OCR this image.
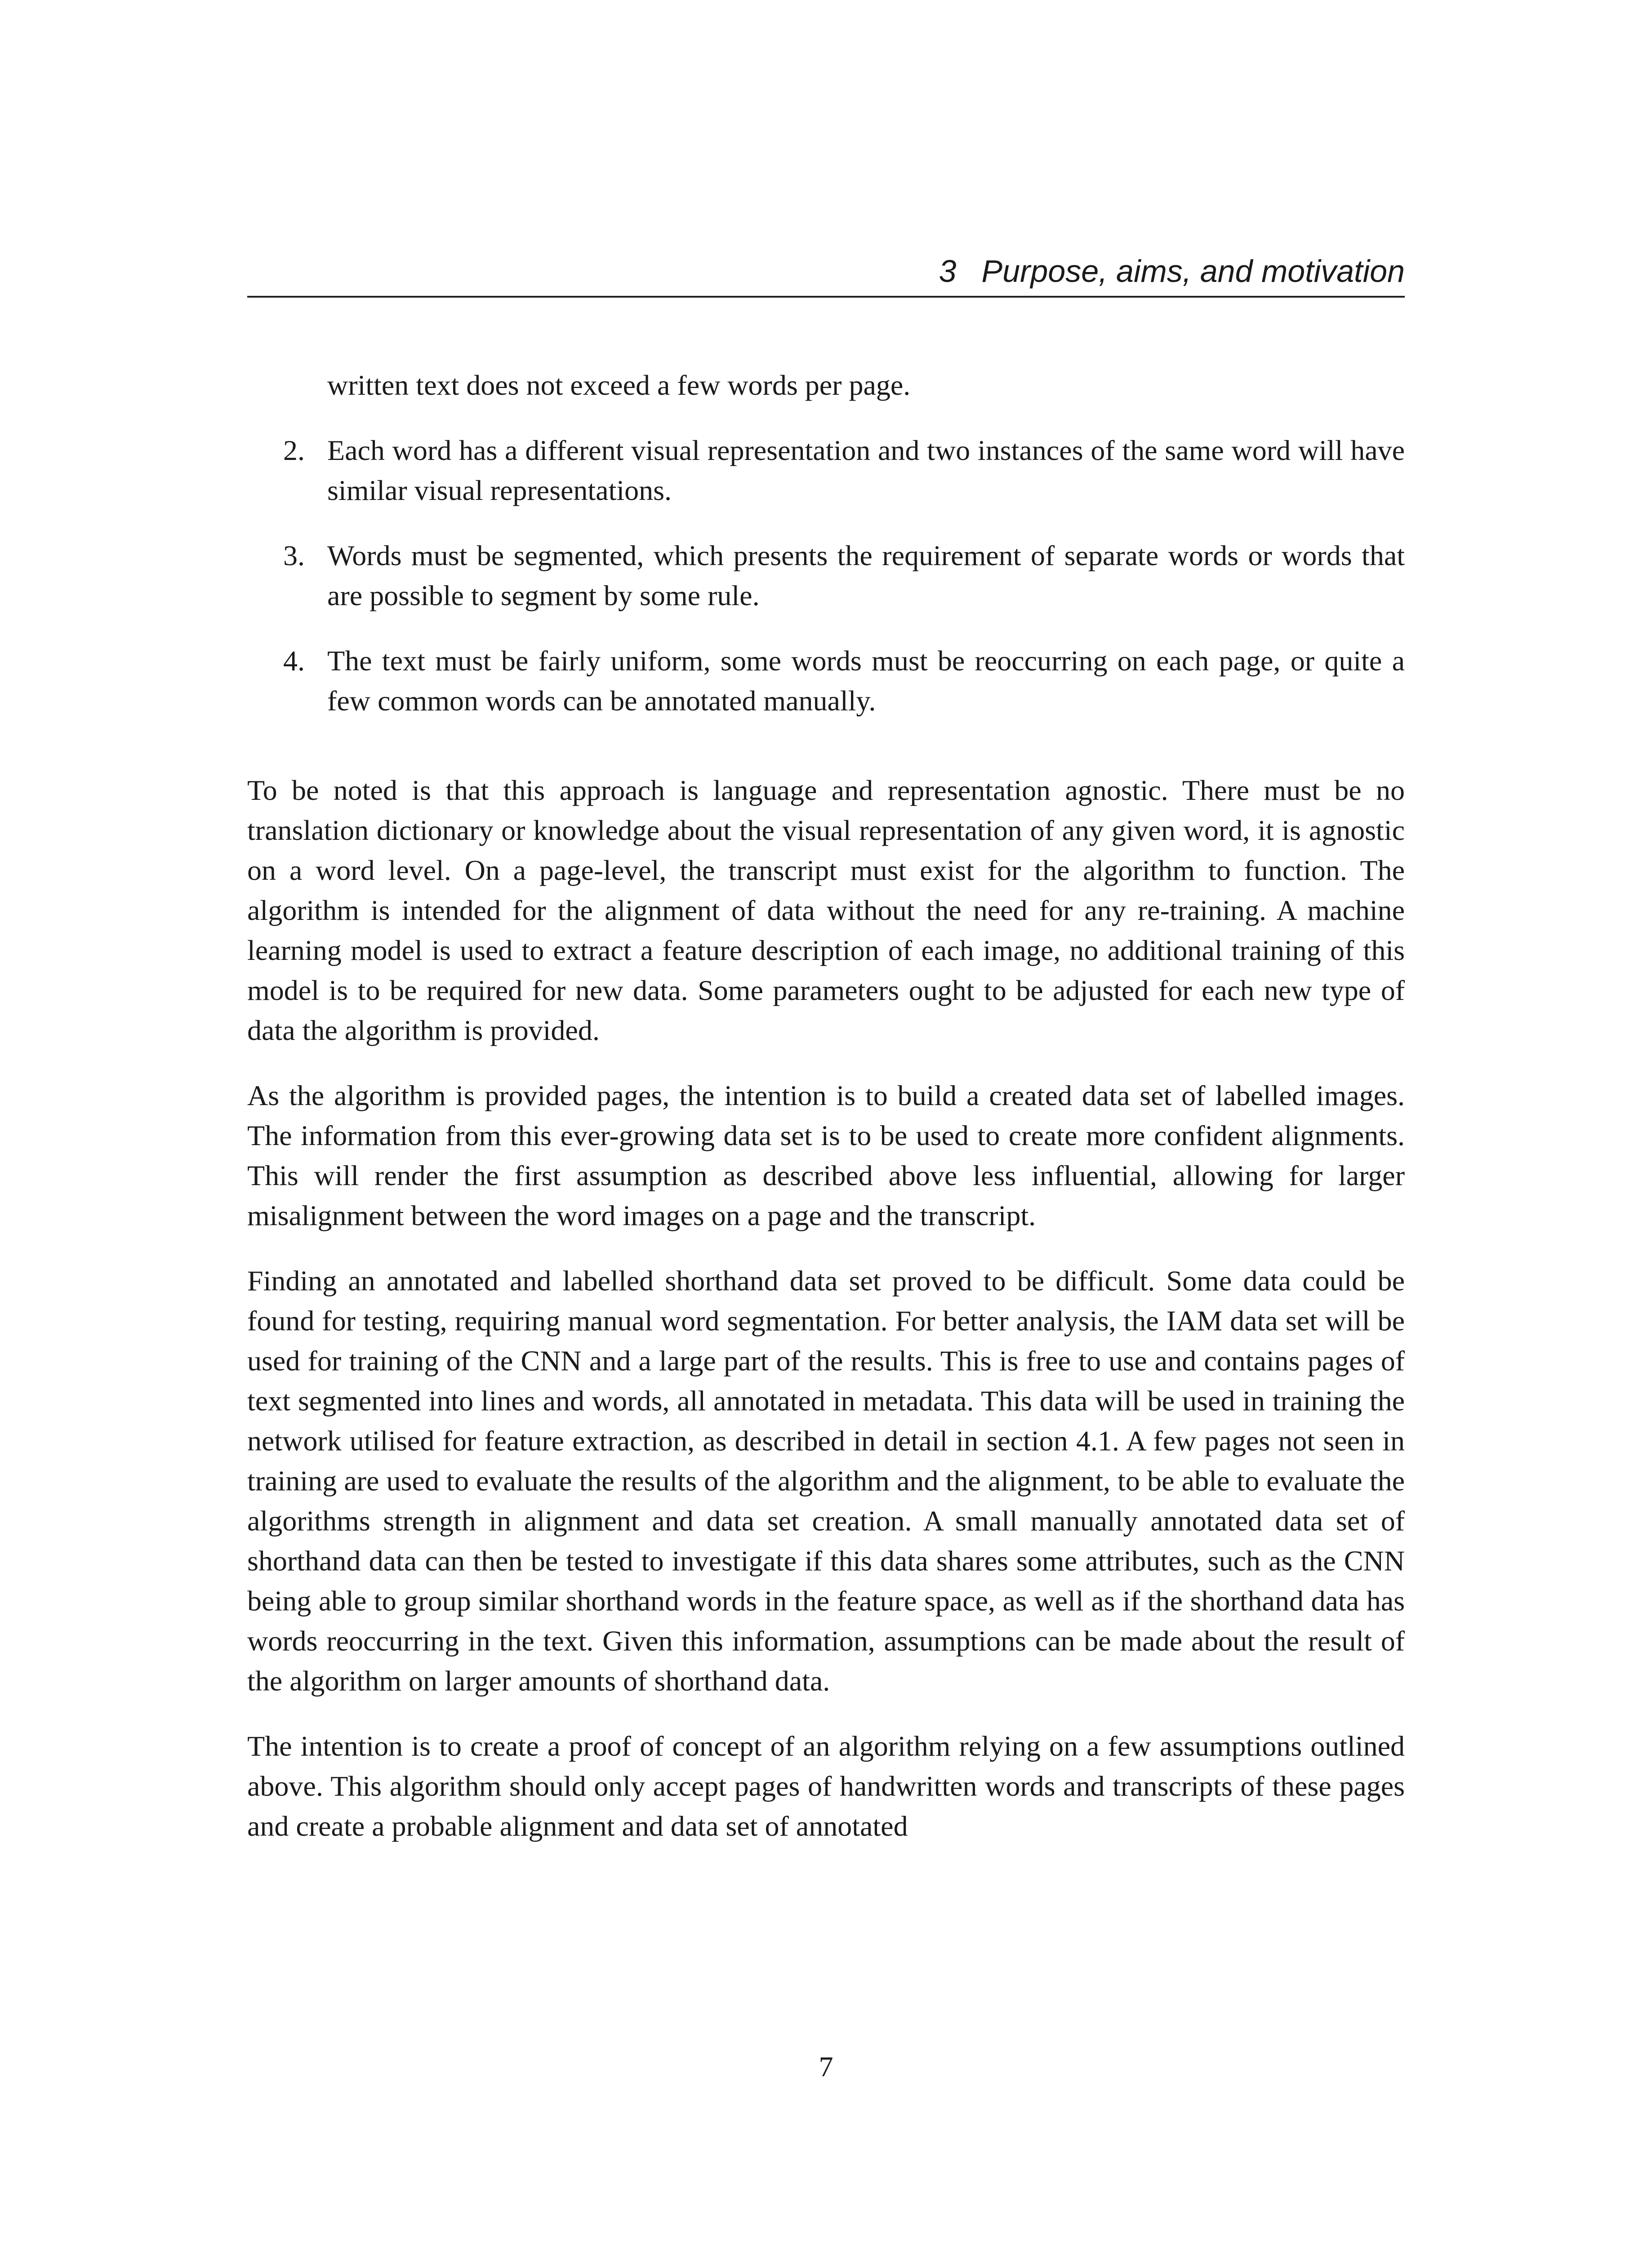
3 Purpose, aims, and motivation
written text does not exceed a few words per page.
2. Each word has a different visual representation and two instances of the same word will have similar visual representations.
3. Words must be segmented, which presents the requirement of separate words or words that are possible to segment by some rule.
4. The text must be fairly uniform, some words must be reoccurring on each page, or quite a few common words can be annotated manually.

To be noted is that this approach is language and representation agnostic. There must be no translation dictionary or knowledge about the visual representation of any given word, it is agnostic on a word level. On a page-level, the transcript must exist for the algorithm to function. The algorithm is intended for the alignment of data without the need for any re-training. A machine learning model is used to extract a feature description of each image, no additional training of this model is to be required for new data. Some parameters ought to be adjusted for each new type of data the algorithm is provided.

As the algorithm is provided pages, the intention is to build a created data set of labelled images. The information from this ever-growing data set is to be used to create more confident alignments. This will render the first assumption as described above less influential, allowing for larger misalignment between the word images on a page and the transcript.

Finding an annotated and labelled shorthand data set proved to be difficult. Some data could be found for testing, requiring manual word segmentation. For better analysis, the IAM data set will be used for training of the CNN and a large part of the results. This is free to use and contains pages of text segmented into lines and words, all annotated in metadata. This data will be used in training the network utilised for feature extraction, as described in detail in section 4.1. A few pages not seen in training are used to evaluate the results of the algorithm and the alignment, to be able to evaluate the algorithms strength in alignment and data set creation. A small manually annotated data set of shorthand data can then be tested to investigate if this data shares some attributes, such as the CNN being able to group similar shorthand words in the feature space, as well as if the shorthand data has words reoccurring in the text. Given this information, assumptions can be made about the result of the algorithm on larger amounts of shorthand data.

The intention is to create a proof of concept of an algorithm relying on a few assumptions outlined above. This algorithm should only accept pages of handwritten words and transcripts of these pages and create a probable alignment and data set of annotated

7
